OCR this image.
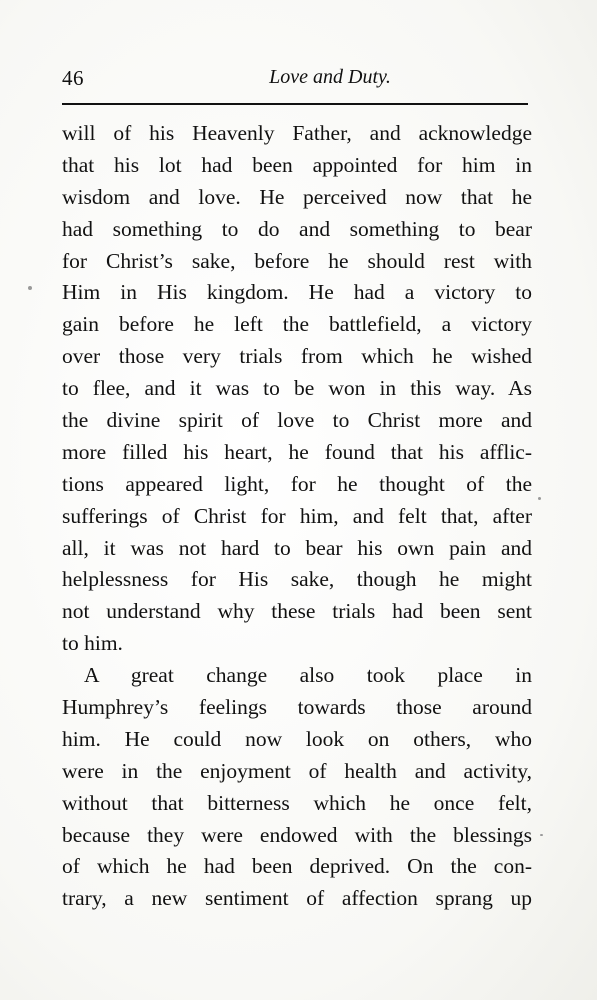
46	Love and Duty.
will of his Heavenly Father, and acknowledge
that his lot had been appointed for him in
wisdom and love. He perceived now that he
had something to do and something to bear
for Christ’s sake, before he should rest with
Him in His kingdom. He had a victory to
gain before he left the battlefield, a victory
over those very trials from which he wished
to flee, and it was to be won in this way. As
the divine spirit of love to Christ more and
more filled his heart, he found that his afflic-
tions appeared light, for he thought of the
sufferings of Christ for him, and felt that, after
all, it was not hard to bear his own pain and
helplessness for His sake, though he might
not understand why these trials had been sent
to him.
A great change also took place in
Humphrey’s feelings towards those around
him. He could now look on others, who
were in the enjoyment of health and activity,
without that bitterness which he once felt,
because they were endowed with the blessings
of which he had been deprived. On the con-
trary, a new sentiment of affection sprang up
